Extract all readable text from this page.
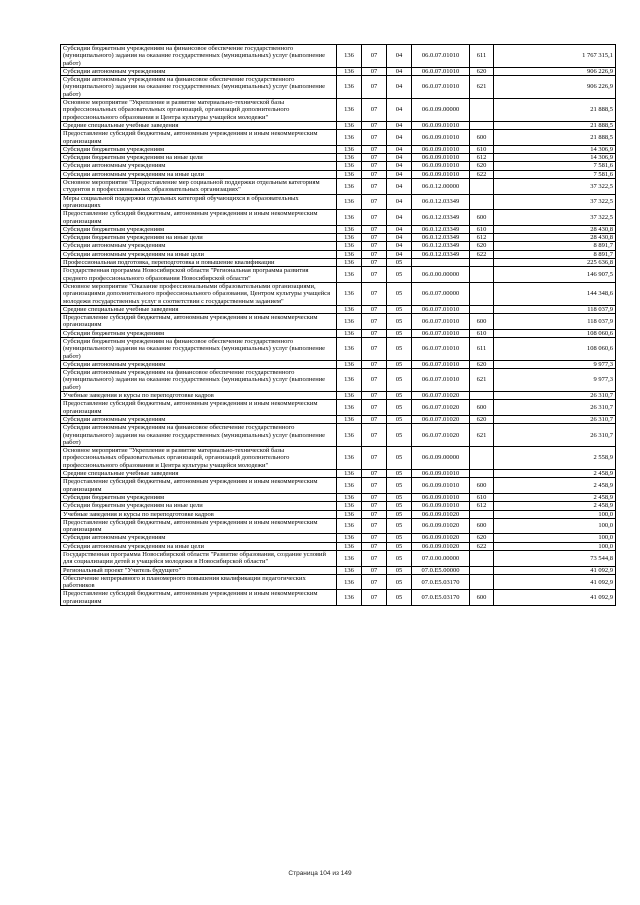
Субсидии бюджетным учреждениям на финансовое обеспечение государственного (муниципального) задания на оказание государственных (муниципальных) услуг (выполнение работ)	136	07	04	06.0.07.01010	611	1 767 315,1
Субсидии автономным учреждениям	136	07	04	06.0.07.01010	620	906 226,9
Субсидии автономным учреждениям на финансовое обеспечение государственного (муниципального) задания на оказание государственных (муниципальных) услуг (выполнение работ)	136	07	04	06.0.07.01010	621	906 226,9
Основное мероприятие "Укрепление и развитие материально-технической базы профессиональных образовательных организаций, организаций дополнительного профессионального образования и Центра культуры учащейся молодежи"	136	07	04	06.0.09.00000		21 888,5
Средние специальные учебные заведения	136	07	04	06.0.09.01010		21 888,5
Предоставление субсидий бюджетным, автономным учреждениям и иным некоммерческим организациям	136	07	04	06.0.09.01010	600	21 888,5
Субсидии бюджетным учреждениям	136	07	04	06.0.09.01010	610	14 306,9
Субсидии бюджетным учреждениям на иные цели	136	07	04	06.0.09.01010	612	14 306,9
Субсидии автономным учреждениям	136	07	04	06.0.09.01010	620	7 581,6
Субсидии автономным учреждениям на иные цели	136	07	04	06.0.09.01010	622	7 581,6
Основное мероприятие "Предоставление мер социальной поддержки отдельным категориям студентов в профессиональных образовательных организациях"	136	07	04	06.0.12.00000		37 322,5
Меры социальной поддержки отдельных категорий обучающихся в образовательных организациях	136	07	04	06.0.12.03349		37 322,5
Предоставление субсидий бюджетным, автономным учреждениям и иным некоммерческим организациям	136	07	04	06.0.12.03349	600	37 322,5
Субсидии бюджетным учреждениям	136	07	04	06.0.12.03349	610	28 430,8
Субсидии бюджетным учреждениям на иные цели	136	07	04	06.0.12.03349	612	28 430,8
Субсидии автономным учреждениям	136	07	04	06.0.12.03349	620	8 891,7
Субсидии автономным учреждениям на иные цели	136	07	04	06.0.12.03349	622	8 891,7
Профессиональная подготовка, переподготовка и повышение квалификации	136	07	05			225 636,8
Государственная программа Новосибирской области "Региональная программа развития среднего профессионального образования Новосибирской области"	136	07	05	06.0.00.00000		146 907,5
Основное мероприятие "Оказание профессиональными образовательными организациями, организациями дополнительного профессионального образования, Центром культуры учащейся молодежи государственных услуг в соответствии с государственным заданием"	136	07	05	06.0.07.00000		144 348,6
Средние специальные учебные заведения	136	07	05	06.0.07.01010		118 037,9
Предоставление субсидий бюджетным, автономным учреждениям и иным некоммерческим организациям	136	07	05	06.0.07.01010	600	118 037,9
Субсидии бюджетным учреждениям	136	07	05	06.0.07.01010	610	108 060,6
Субсидии бюджетным учреждениям на финансовое обеспечение государственного (муниципального) задания на оказание государственных (муниципальных) услуг (выполнение работ)	136	07	05	06.0.07.01010	611	108 060,6
Субсидии автономным учреждениям	136	07	05	06.0.07.01010	620	9 977,3
Субсидии автономным учреждениям на финансовое обеспечение государственного (муниципального) задания на оказание государственных (муниципальных) услуг (выполнение работ)	136	07	05	06.0.07.01010	621	9 977,3
Учебные заведения и курсы по переподготовке кадров	136	07	05	06.0.07.01020		26 310,7
Предоставление субсидий бюджетным, автономным учреждениям и иным некоммерческим организациям	136	07	05	06.0.07.01020	600	26 310,7
Субсидии автономным учреждениям	136	07	05	06.0.07.01020	620	26 310,7
Субсидии автономным учреждениям на финансовое обеспечение государственного (муниципального) задания на оказание государственных (муниципальных) услуг (выполнение работ)	136	07	05	06.0.07.01020	621	26 310,7
Основное мероприятие "Укрепление и развитие материально-технической базы профессиональных образовательных организаций, организаций дополнительного профессионального образования и Центра культуры учащейся молодежи"	136	07	05	06.0.09.00000		2 558,9
Средние специальные учебные заведения	136	07	05	06.0.09.01010		2 458,9
Предоставление субсидий бюджетным, автономным учреждениям и иным некоммерческим организациям	136	07	05	06.0.09.01010	600	2 458,9
Субсидии бюджетным учреждениям	136	07	05	06.0.09.01010	610	2 458,9
Субсидии бюджетным учреждениям на иные цели	136	07	05	06.0.09.01010	612	2 458,9
Учебные заведения и курсы по переподготовке кадров	136	07	05	06.0.09.01020		100,0
Предоставление субсидий бюджетным, автономным учреждениям и иным некоммерческим организациям	136	07	05	06.0.09.01020	600	100,0
Субсидии автономным учреждениям	136	07	05	06.0.09.01020	620	100,0
Субсидии автономным учреждениям на иные цели	136	07	05	06.0.09.01020	622	100,0
Государственная программа Новосибирской области "Развитие образования, создание условий для социализации детей и учащейся молодежи в Новосибирской области"	136	07	05	07.0.00.00000		73 544,8
Региональный проект "Учитель будущего"	136	07	05	07.0.E5.00000		41 092,9
Обеспечение непрерывного и планомерного повышения квалификации педагогических работников	136	07	05	07.0.E5.03170		41 092,9
Предоставление субсидий бюджетным, автономным учреждениям и иным некоммерческим организациям	136	07	05	07.0.E5.03170	600	41 092,9
Страница 104 из 149
